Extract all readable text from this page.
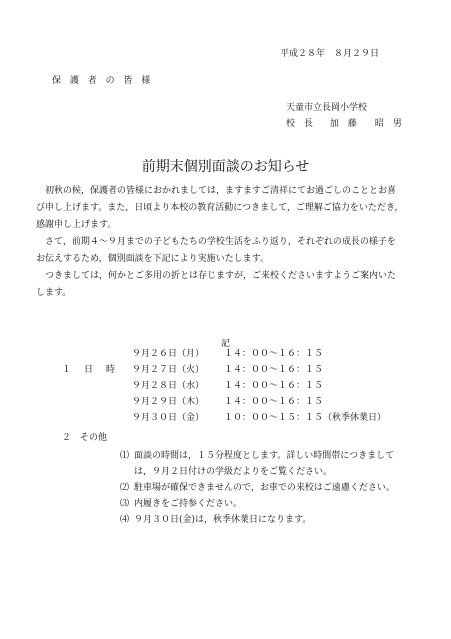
平成２８年　８月２９日
保 護 者 の 皆 様
天童市立長岡小学校
校　長 加　藤　　昭　男
前期末個別面談のお知らせ

初秋の候，保護者の皆様におかれましては，ますますご清祥にてお過ごしのこととお喜

び申し上げます。また，日頃より本校の教育活動につきまして，ご理解ご協力をいただき，

感謝申し上げます。

さて，前期４～９月までの子どもたちの学校生活をふり返り，それぞれの成長の様子を

お伝えするため，個別面談を下記により実施いたします。

つきましては，何かとご多用の折とは存じますが，ご来校くださいますようご案内いた

します。

記
１　日　時
９月２６日（月） １４：００～１６：１５
９月２７日（火） １４：００～１６：１５
９月２８日（水） １４：００～１６：１５
９月２９日（木） １４：００～１６：１５
９月３０日（金） １０：００～１５：１５（秋季休業日）
２　その他
⑴ 面談の時間は，１５分程度とします。詳しい時間帯につきまして
は，９月２日付けの学級だよりをご覧ください。
⑵ 駐車場が確保できませんので，お車での来校はご遠慮ください。
⑶ 内履きをご持参ください。
⑷ ９月３０日(金)は，秋季休業日になります。
